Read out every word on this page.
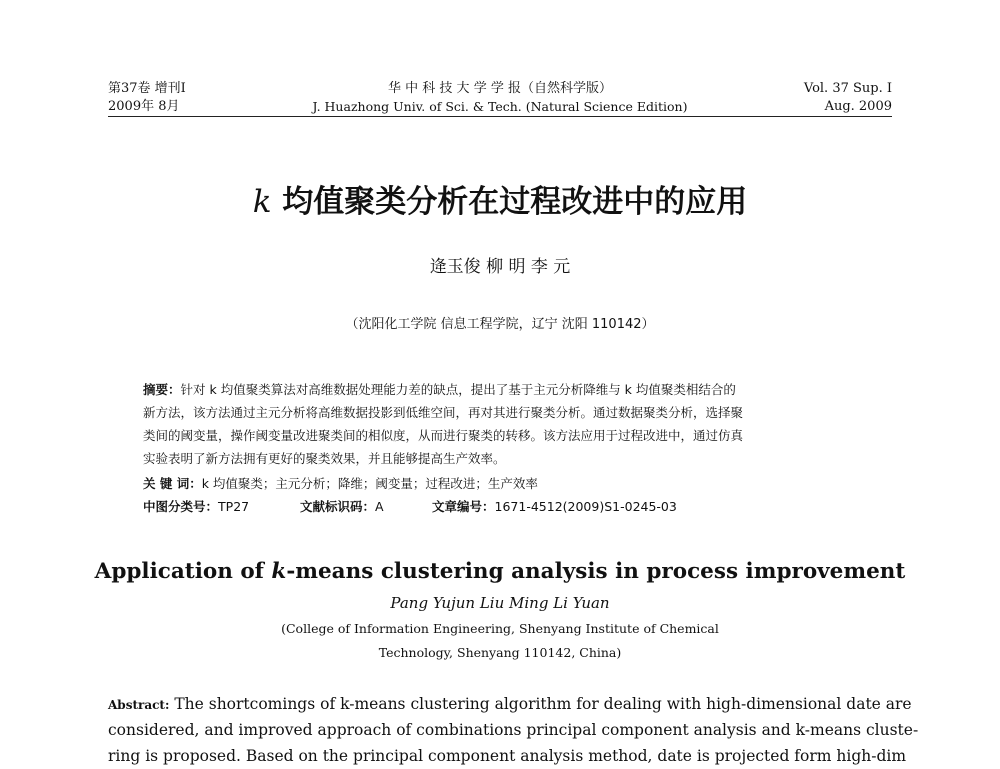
第37卷 增刊Ⅰ
2009年 8月
华 中 科 技 大 学 学 报（自然科学版）
J. Huazhong Univ. of Sci. & Tech. (Natural Science Edition)
Vol. 37 Sup. Ⅰ
Aug. 2009
k 均值聚类分析在过程改进中的应用
逄玉俊 柳 明 李 元
（沈阳化工学院 信息工程学院，辽宁 沈阳 110142）
摘要：针对 k 均值聚类算法对高维数据处理能力差的缺点，提出了基于主元分析降维与 k 均值聚类相结合的
新方法，该方法通过主元分析将高维数据投影到低维空间，再对其进行聚类分析。通过数据聚类分析，选择聚
类间的阈变量，操作阈变量改进聚类间的相似度，从而进行聚类的转移。该方法应用于过程改进中，通过仿真
实验表明了新方法拥有更好的聚类效果，并且能够提高生产效率。
关 键 词：k 均值聚类；主元分析；降维；阈变量；过程改进；生产效率
中图分类号：TP27	文献标识码：A	文章编号：1671-4512(2009)S1-0245-03
Application of k-means clustering analysis in process improvement
Pang Yujun Liu Ming Li Yuan
(College of Information Engineering, Shenyang Institute of Chemical
Technology, Shenyang 110142, China)
Abstract: The shortcomings of k-means clustering algorithm for dealing with high-dimensional date are
considered, and improved approach of combinations principal component analysis and k-means cluste-
ring is proposed. Based on the principal component analysis method, date is projected form high-dim
